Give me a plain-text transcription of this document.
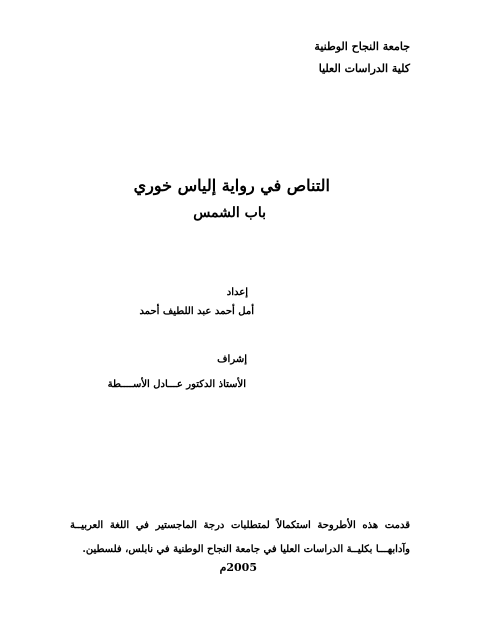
جامعة النجاح الوطنية
كلية الدراسات العليا
التناص في رواية إلياس خوري
باب الشمس
إعداد
أمل أحمد عبد اللطيف أحمد
إشراف
الأستاذ الدكتور عـــادل الأســــطة
قدمت هذه الأطروحة استكمالاً لمتطلبات درجة الماجستير في اللغة العربيــة وآدابهـــا بكليــة الدراسات العليا في جامعة النجاح الوطنية في نابلس، فلسطين.
2005م
